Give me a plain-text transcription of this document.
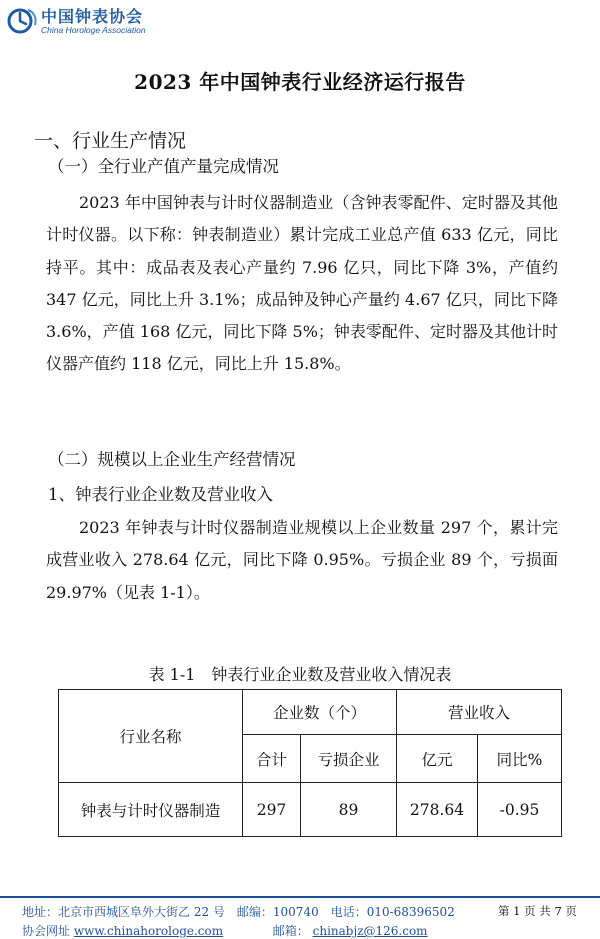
中国钟表协会
China Horologe Association
2023 年中国钟表行业经济运行报告
一、行业生产情况
（一）全行业产值产量完成情况
2023 年中国钟表与计时仪器制造业（含钟表零配件、定时器及其他计时仪器。以下称：钟表制造业）累计完成工业总产值 633 亿元，同比持平。其中：成品表及表心产量约 7.96 亿只，同比下降 3%，产值约 347 亿元，同比上升 3.1%；成品钟及钟心产量约 4.67 亿只，同比下降 3.6%，产值 168 亿元，同比下降 5%；钟表零配件、定时器及其他计时仪器产值约 118 亿元，同比上升 15.8%。
（二）规模以上企业生产经营情况
1、钟表行业企业数及营业收入
2023 年钟表与计时仪器制造业规模以上企业数量 297 个，累计完成营业收入 278.64 亿元，同比下降 0.95%。亏损企业 89 个，亏损面 29.97%（见表 1-1）。
表 1-1　钟表行业企业数及营业收入情况表
行业名称	企业数（个）		营业收入	
	合计	亏损企业	亿元	同比%
钟表与计时仪器制造	297	89	278.64	-0.95
地址：北京市西城区阜外大街乙 22 号　邮编：100740　电话：010-68396502	第 1 页 共 7 页
协会网址 www.chinahorologe.com	邮箱： chinabjz@126.com
